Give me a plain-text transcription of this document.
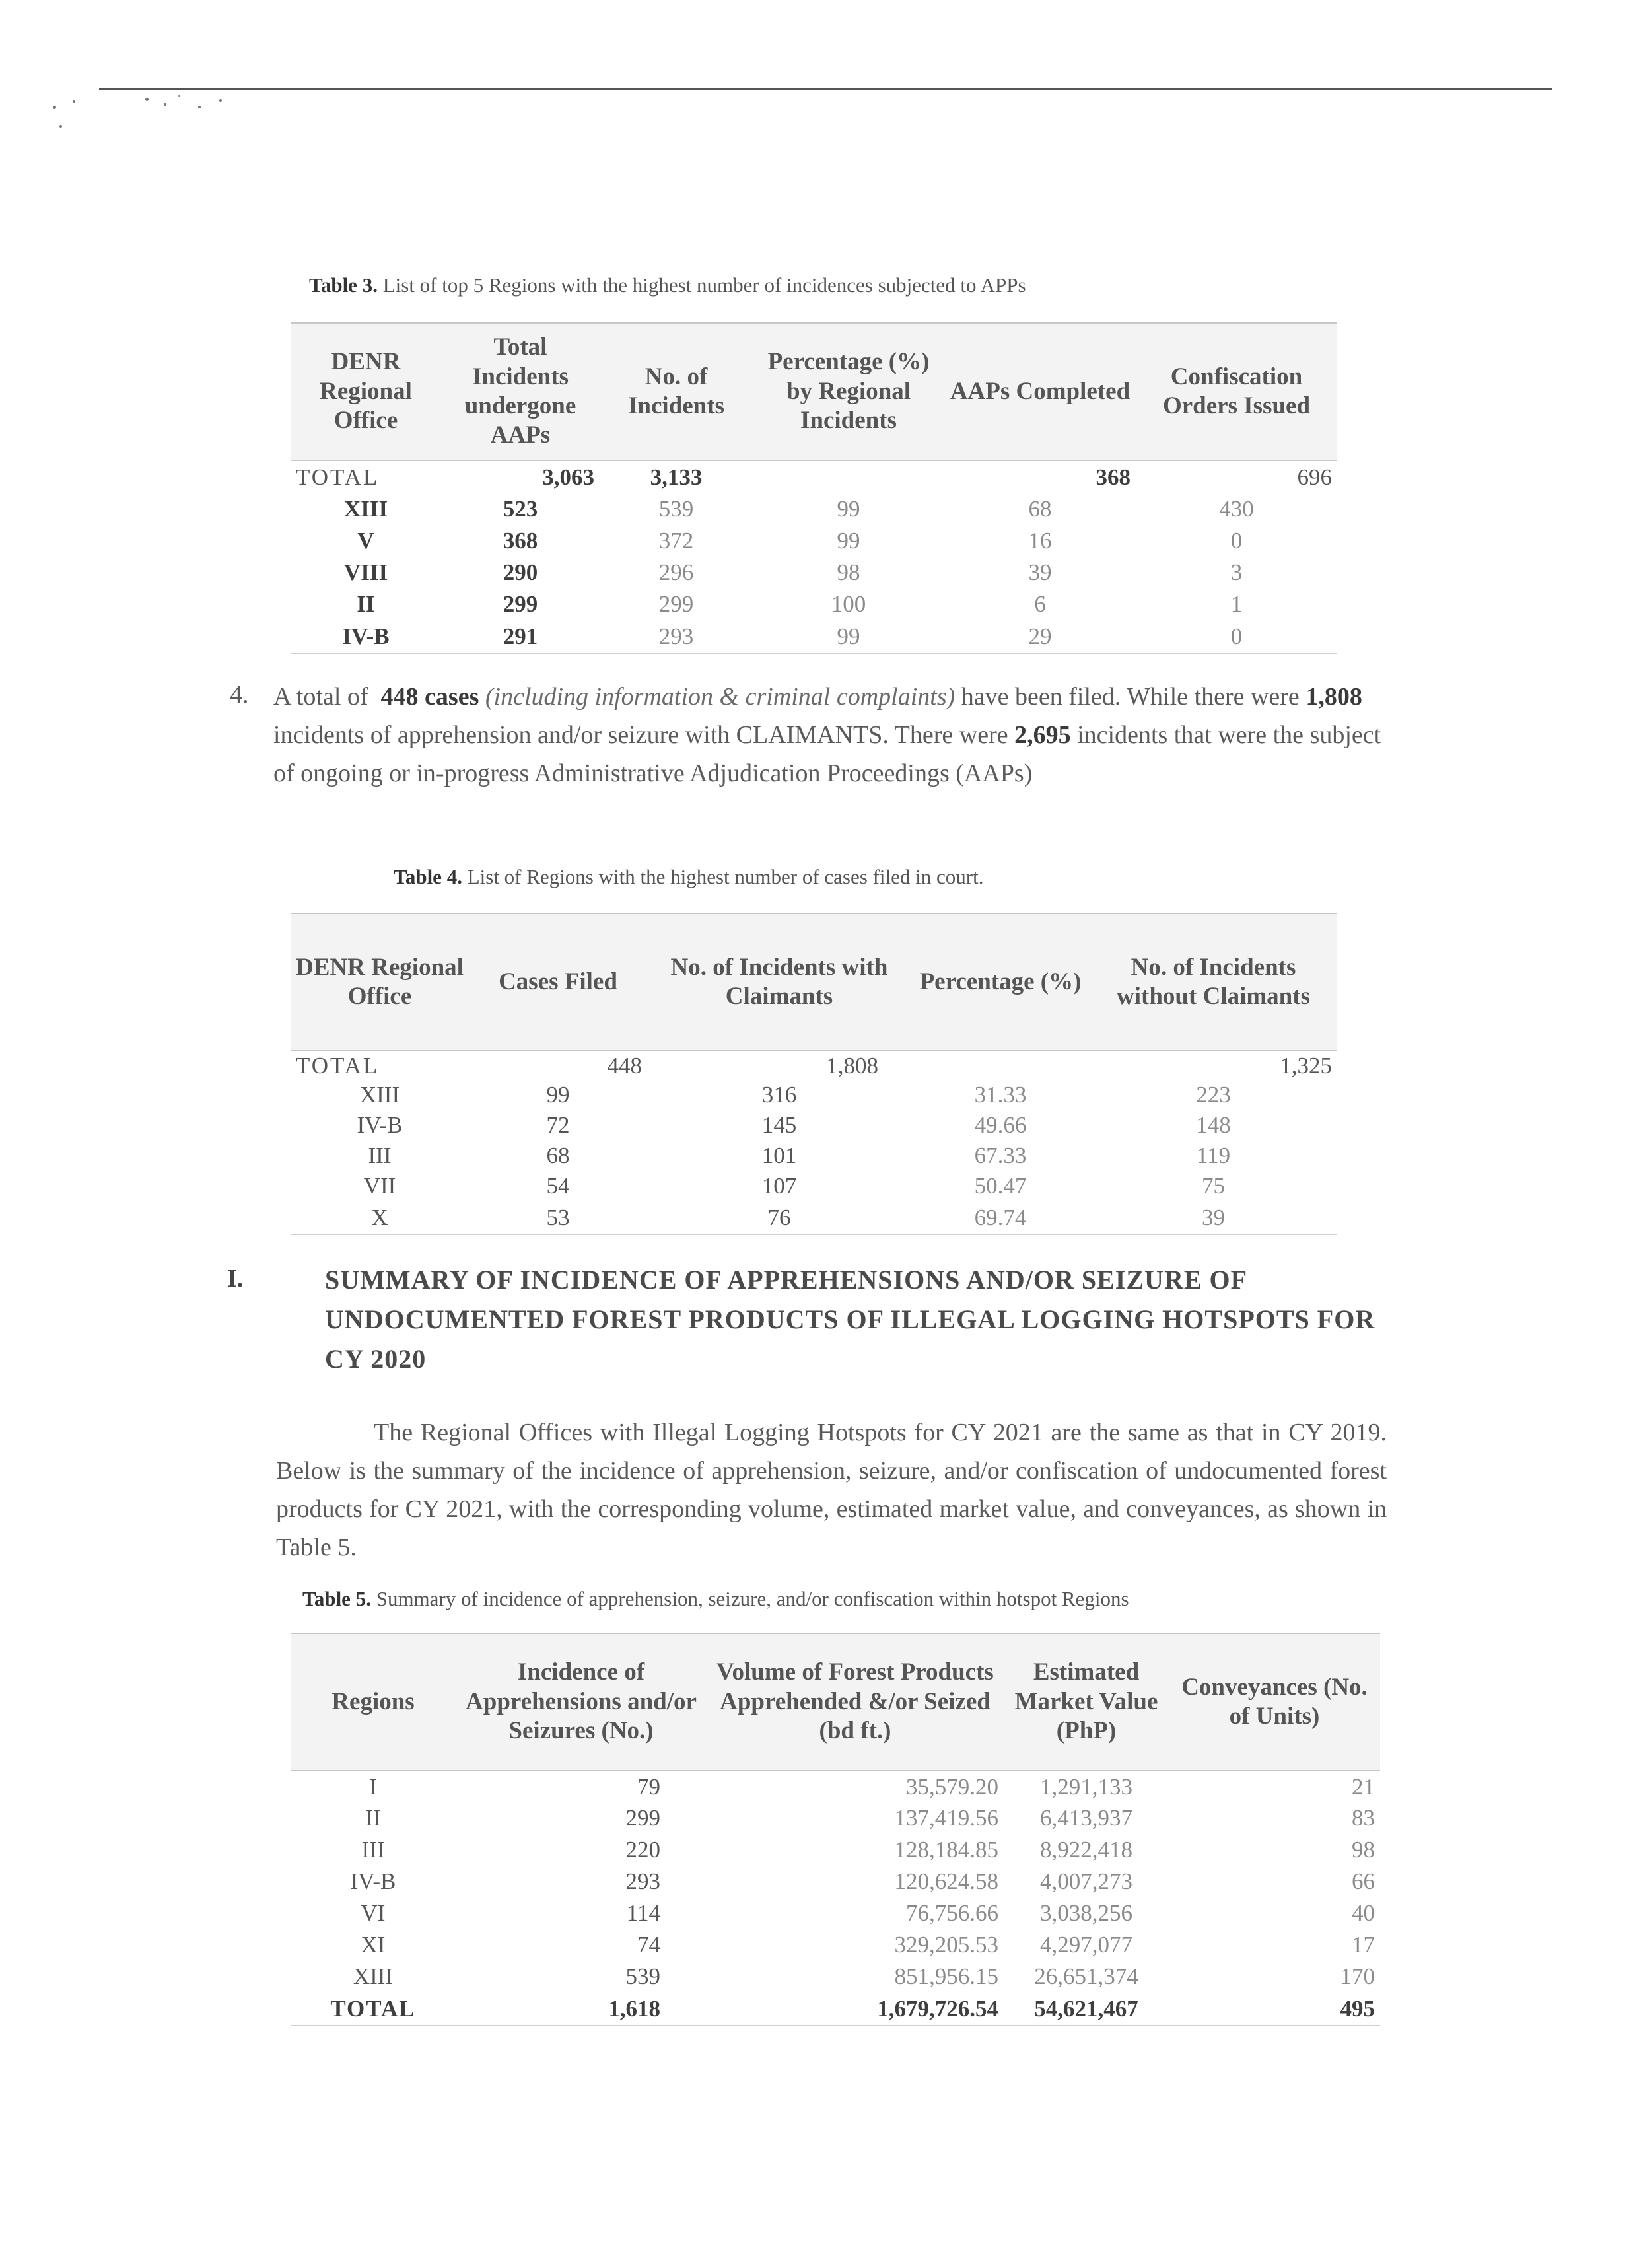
Table 3. List of top 5 Regions with the highest number of incidences subjected to APPs
DENR Regional Office	Total Incidents undergone AAPs	No. of Incidents	Percentage (%) by Regional Incidents	AAPs Completed	Confiscation Orders Issued
TOTAL	3,063	3,133		368	696
XIII	523	539	99	68	430
V	368	372	99	16	0
VIII	290	296	98	39	3
II	299	299	100	6	1
IV-B	291	293	99	29	0
4. A total of 448 cases (including information & criminal complaints) have been filed. While there were 1,808 incidents of apprehension and/or seizure with CLAIMANTS. There were 2,695 incidents that were the subject of ongoing or in-progress Administrative Adjudication Proceedings (AAPs)
Table 4. List of Regions with the highest number of cases filed in court.
DENR Regional Office	Cases Filed	No. of Incidents with Claimants	Percentage (%)	No. of Incidents without Claimants
TOTAL	448	1,808		1,325
XIII	99	316	31.33	223
IV-B	72	145	49.66	148
III	68	101	67.33	119
VII	54	107	50.47	75
X	53	76	69.74	39
I.	SUMMARY OF INCIDENCE OF APPREHENSIONS AND/OR SEIZURE OF UNDOCUMENTED FOREST PRODUCTS OF ILLEGAL LOGGING HOTSPOTS FOR CY 2020
The Regional Offices with Illegal Logging Hotspots for CY 2021 are the same as that in CY 2019. Below is the summary of the incidence of apprehension, seizure, and/or confiscation of undocumented forest products for CY 2021, with the corresponding volume, estimated market value, and conveyances, as shown in Table 5.
Table 5. Summary of incidence of apprehension, seizure, and/or confiscation within hotspot Regions
Regions	Incidence of Apprehensions and/or Seizures (No.)	Volume of Forest Products Apprehended &/or Seized (bd ft.)	Estimated Market Value (PhP)	Conveyances (No. of Units)
I	79	35,579.20	1,291,133	21
II	299	137,419.56	6,413,937	83
III	220	128,184.85	8,922,418	98
IV-B	293	120,624.58	4,007,273	66
VI	114	76,756.66	3,038,256	40
XI	74	329,205.53	4,297,077	17
XIII	539	851,956.15	26,651,374	170
TOTAL	1,618	1,679,726.54	54,621,467	495
